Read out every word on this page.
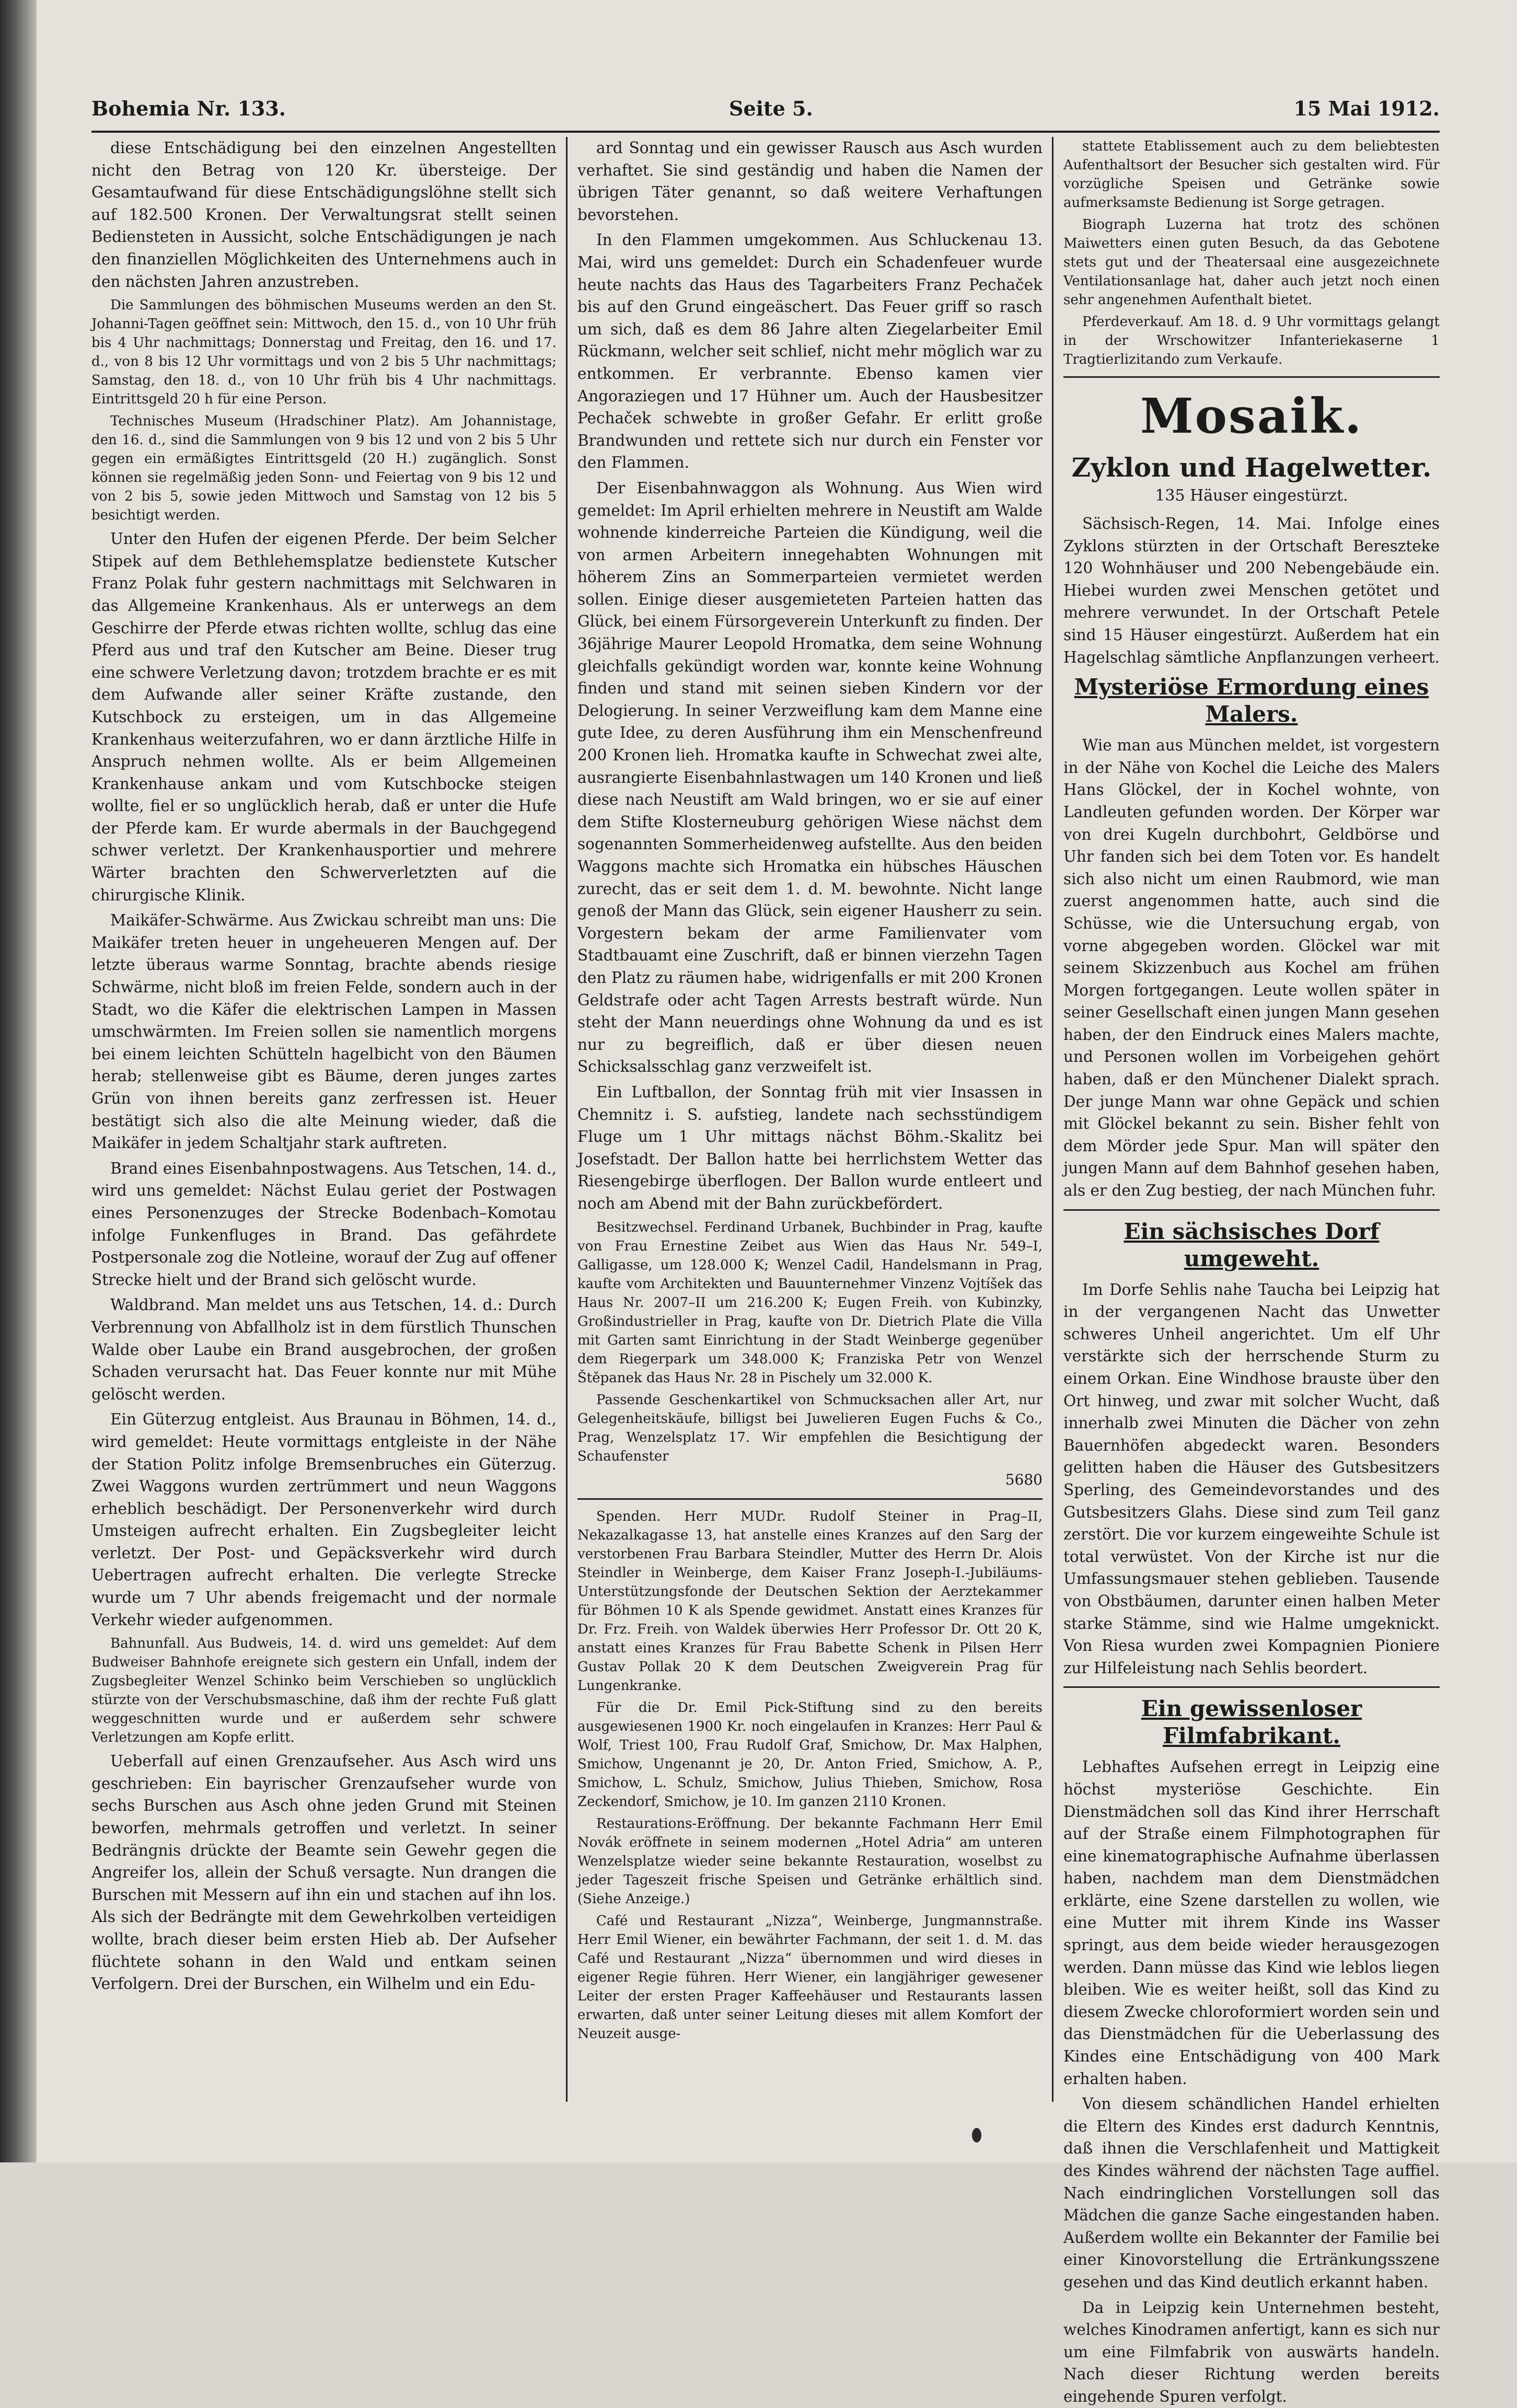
Bohemia Nr. 133.	Seite 5.	15 Mai 1912.

diese Entschädigung bei den einzelnen Angestellten nicht den Betrag von 120 Kr. übersteige. Der Gesamtaufwand für diese Entschädigungslöhne stellt sich auf 182.500 Kronen. Der Verwaltungsrat stellt seinen Bediensteten in Aussicht, solche Entschädigungen je nach den finanziellen Möglichkeiten des Unternehmens auch in den nächsten Jahren anzustreben.

Die Sammlungen des böhmischen Museums werden an den St. Johanni-Tagen geöffnet sein: Mittwoch, den 15. d., von 10 Uhr früh bis 4 Uhr nachmittags; Donnerstag und Freitag, den 16. und 17. d., von 8 bis 12 Uhr vormittags und von 2 bis 5 Uhr nachmittags; Samstag, den 18. d., von 10 Uhr früh bis 4 Uhr nachmittags. Eintrittsgeld 20 h für eine Person.

Technisches Museum (Hradschiner Platz). Am Johannistage, den 16. d., sind die Sammlungen von 9 bis 12 und von 2 bis 5 Uhr gegen ein ermäßigtes Eintrittsgeld (20 H.) zugänglich. Sonst können sie regelmäßig jeden Sonn- und Feiertag von 9 bis 12 und von 2 bis 5, sowie jeden Mittwoch und Samstag von 12 bis 5 besichtigt werden.

Unter den Hufen der eigenen Pferde. Der beim Selcher Stipek auf dem Bethlehemsplatze bedienstete Kutscher Franz Polak fuhr gestern nachmittags mit Selchwaren in das Allgemeine Krankenhaus. Als er unterwegs an dem Geschirre der Pferde etwas richten wollte, schlug das eine Pferd aus und traf den Kutscher am Beine. Dieser trug eine schwere Verletzung davon; trotzdem brachte er es mit dem Aufwande aller seiner Kräfte zustande, den Kutschbock zu ersteigen, um in das Allgemeine Krankenhaus weiterzufahren, wo er dann ärztliche Hilfe in Anspruch nehmen wollte. Als er beim Allgemeinen Krankenhause ankam und vom Kutschbocke steigen wollte, fiel er so unglücklich herab, daß er unter die Hufe der Pferde kam. Er wurde abermals in der Bauchgegend schwer verletzt. Der Krankenhausportier und mehrere Wärter brachten den Schwerverletzten auf die chirurgische Klinik.

Maikäfer-Schwärme. Aus Zwickau schreibt man uns: Die Maikäfer treten heuer in ungeheueren Mengen auf. Der letzte überaus warme Sonntag, brachte abends riesige Schwärme, nicht bloß im freien Felde, sondern auch in der Stadt, wo die Käfer die elektrischen Lampen in Massen umschwärmten. Im Freien sollen sie namentlich morgens bei einem leichten Schütteln hagelbicht von den Bäumen herab; stellenweise gibt es Bäume, deren junges zartes Grün von ihnen bereits ganz zerfressen ist. Heuer bestätigt sich also die alte Meinung wieder, daß die Maikäfer in jedem Schaltjahr stark auftreten.

Brand eines Eisenbahnpostwagens. Aus Tetschen, 14. d., wird uns gemeldet: Nächst Eulau geriet der Postwagen eines Personenzuges der Strecke Bodenbach–Komotau infolge Funkenfluges in Brand. Das gefährdete Postpersonale zog die Notleine, worauf der Zug auf offener Strecke hielt und der Brand sich gelöscht wurde.

Waldbrand. Man meldet uns aus Tetschen, 14. d.: Durch Verbrennung von Abfallholz ist in dem fürstlich Thunschen Walde ober Laube ein Brand ausgebrochen, der großen Schaden verursacht hat. Das Feuer konnte nur mit Mühe gelöscht werden.

Ein Güterzug entgleist. Aus Braunau in Böhmen, 14. d., wird gemeldet: Heute vormittags entgleiste in der Nähe der Station Politz infolge Bremsenbruches ein Güterzug. Zwei Waggons wurden zertrümmert und neun Waggons erheblich beschädigt. Der Personenverkehr wird durch Umsteigen aufrecht erhalten. Ein Zugsbegleiter leicht verletzt. Der Post- und Gepäcksverkehr wird durch Uebertragen aufrecht erhalten. Die verlegte Strecke wurde um 7 Uhr abends freigemacht und der normale Verkehr wieder aufgenommen.

Bahnunfall. Aus Budweis, 14. d. wird uns gemeldet: Auf dem Budweiser Bahnhofe ereignete sich gestern ein Unfall, indem der Zugsbegleiter Wenzel Schinko beim Verschieben so unglücklich stürzte von der Verschubsmaschine, daß ihm der rechte Fuß glatt weggeschnitten wurde und er außerdem sehr schwere Verletzungen am Kopfe erlitt.

Ueberfall auf einen Grenzaufseher. Aus Asch wird uns geschrieben: Ein bayrischer Grenzaufseher wurde von sechs Burschen aus Asch ohne jeden Grund mit Steinen beworfen, mehrmals getroffen und verletzt. In seiner Bedrängnis drückte der Beamte sein Gewehr gegen die Angreifer los, allein der Schuß versagte. Nun drangen die Burschen mit Messern auf ihn ein und stachen auf ihn los. Als sich der Bedrängte mit dem Gewehrkolben verteidigen wollte, brach dieser beim ersten Hieb ab. Der Aufseher flüchtete sohann in den Wald und entkam seinen Verfolgern. Drei der Burschen, ein Wilhelm und ein Edu-

ard Sonntag und ein gewisser Rausch aus Asch wurden verhaftet. Sie sind geständig und haben die Namen der übrigen Täter genannt, so daß weitere Verhaftungen bevorstehen.

In den Flammen umgekommen. Aus Schluckenau 13. Mai, wird uns gemeldet: Durch ein Schadenfeuer wurde heute nachts das Haus des Tagarbeiters Franz Pechaček bis auf den Grund eingeäschert. Das Feuer griff so rasch um sich, daß es dem 86 Jahre alten Ziegelarbeiter Emil Rückmann, welcher seit schlief, nicht mehr möglich war zu entkommen. Er verbrannte. Ebenso kamen vier Angoraziegen und 17 Hühner um. Auch der Hausbesitzer Pechaček schwebte in großer Gefahr. Er erlitt große Brandwunden und rettete sich nur durch ein Fenster vor den Flammen.

Der Eisenbahnwaggon als Wohnung. Aus Wien wird gemeldet: Im April erhielten mehrere in Neustift am Walde wohnende kinderreiche Parteien die Kündigung, weil die von armen Arbeitern innegehabten Wohnungen mit höherem Zins an Sommerparteien vermietet werden sollen. Einige dieser ausgemieteten Parteien hatten das Glück, bei einem Fürsorgeverein Unterkunft zu finden. Der 36jährige Maurer Leopold Hromatka, dem seine Wohnung gleichfalls gekündigt worden war, konnte keine Wohnung finden und stand mit seinen sieben Kindern vor der Delogierung. In seiner Verzweiflung kam dem Manne eine gute Idee, zu deren Ausführung ihm ein Menschenfreund 200 Kronen lieh. Hromatka kaufte in Schwechat zwei alte, ausrangierte Eisenbahnlastwagen um 140 Kronen und ließ diese nach Neustift am Wald bringen, wo er sie auf einer dem Stifte Klosterneuburg gehörigen Wiese nächst dem sogenannten Sommerheidenweg aufstellte. Aus den beiden Waggons machte sich Hromatka ein hübsches Häuschen zurecht, das er seit dem 1. d. M. bewohnte. Nicht lange genoß der Mann das Glück, sein eigener Hausherr zu sein. Vorgestern bekam der arme Familienvater vom Stadtbauamt eine Zuschrift, daß er binnen vierzehn Tagen den Platz zu räumen habe, widrigenfalls er mit 200 Kronen Geldstrafe oder acht Tagen Arrests bestraft würde. Nun steht der Mann neuerdings ohne Wohnung da und es ist nur zu begreiflich, daß er über diesen neuen Schicksalsschlag ganz verzweifelt ist.

Ein Luftballon, der Sonntag früh mit vier Insassen in Chemnitz i. S. aufstieg, landete nach sechsstündigem Fluge um 1 Uhr mittags nächst Böhm.-Skalitz bei Josefstadt. Der Ballon hatte bei herrlichstem Wetter das Riesengebirge überflogen. Der Ballon wurde entleert und noch am Abend mit der Bahn zurückbefördert.

Besitzwechsel. Ferdinand Urbanek, Buchbinder in Prag, kaufte von Frau Ernestine Zeibet aus Wien das Haus Nr. 549–I, Galligasse, um 128.000 K; Wenzel Cadil, Handelsmann in Prag, kaufte vom Architekten und Bauunternehmer Vinzenz Vojtíšek das Haus Nr. 2007–II um 216.200 K; Eugen Freih. von Kubinzky, Großindustrieller in Prag, kaufte von Dr. Dietrich Plate die Villa mit Garten samt Einrichtung in der Stadt Weinberge gegenüber dem Riegerpark um 348.000 K; Franziska Petr von Wenzel Štěpanek das Haus Nr. 28 in Pischely um 32.000 K.

Passende Geschenkartikel von Schmucksachen aller Art, nur Gelegenheitskäufe, billigst bei Juwelieren Eugen Fuchs & Co., Prag, Wenzelsplatz 17. Wir empfehlen die Besichtigung der Schaufenster

5680

Spenden. Herr MUDr. Rudolf Steiner in Prag–II, Nekazalkagasse 13, hat anstelle eines Kranzes auf den Sarg der verstorbenen Frau Barbara Steindler, Mutter des Herrn Dr. Alois Steindler in Weinberge, dem Kaiser Franz Joseph-I.-Jubiläums-Unterstützungsfonde der Deutschen Sektion der Aerztekammer für Böhmen 10 K als Spende gewidmet. Anstatt eines Kranzes für Dr. Frz. Freih. von Waldek überwies Herr Professor Dr. Ott 20 K, anstatt eines Kranzes für Frau Babette Schenk in Pilsen Herr Gustav Pollak 20 K dem Deutschen Zweigverein Prag für Lungenkranke.

Für die Dr. Emil Pick-Stiftung sind zu den bereits ausgewiesenen 1900 Kr. noch eingelaufen in Kranzes: Herr Paul & Wolf, Triest 100, Frau Rudolf Graf, Smichow, Dr. Max Halphen, Smichow, Ungenannt je 20, Dr. Anton Fried, Smichow, A. P., Smichow, L. Schulz, Smichow, Julius Thieben, Smichow, Rosa Zeckendorf, Smichow, je 10. Im ganzen 2110 Kronen.

Restaurations-Eröffnung. Der bekannte Fachmann Herr Emil Novák eröffnete in seinem modernen „Hotel Adria“ am unteren Wenzelsplatze wieder seine bekannte Restauration, woselbst zu jeder Tageszeit frische Speisen und Getränke erhältlich sind. (Siehe Anzeige.)

Café und Restaurant „Nizza“, Weinberge, Jungmannstraße. Herr Emil Wiener, ein bewährter Fachmann, der seit 1. d. M. das Café und Restaurant „Nizza“ übernommen und wird dieses in eigener Regie führen. Herr Wiener, ein langjähriger gewesener Leiter der ersten Prager Kaffeehäuser und Restaurants lassen erwarten, daß unter seiner Leitung dieses mit allem Komfort der Neuzeit ausge-

stattete Etablissement auch zu dem beliebtesten Aufenthaltsort der Besucher sich gestalten wird. Für vorzügliche Speisen und Getränke sowie aufmerksamste Bedienung ist Sorge getragen.

Biograph Luzerna hat trotz des schönen Maiwetters einen guten Besuch, da das Gebotene stets gut und der Theatersaal eine ausgezeichnete Ventilationsanlage hat, daher auch jetzt noch einen sehr angenehmen Aufenthalt bietet.

Pferdeverkauf. Am 18. d. 9 Uhr vormittags gelangt in der Wrschowitzer Infanteriekaserne 1 Tragtierlizitando zum Verkaufe.

Mosaik.
Zyklon und Hagelwetter.
135 Häuser eingestürzt.

Sächsisch-Regen, 14. Mai. Infolge eines Zyklons stürzten in der Ortschaft Bereszteke 120 Wohnhäuser und 200 Nebengebäude ein. Hiebei wurden zwei Menschen getötet und mehrere verwundet. In der Ortschaft Petele sind 15 Häuser eingestürzt. Außerdem hat ein Hagelschlag sämtliche Anpflanzungen verheert.

Mysteriöse Ermordung eines Malers.

Wie man aus München meldet, ist vorgestern in der Nähe von Kochel die Leiche des Malers Hans Glöckel, der in Kochel wohnte, von Landleuten gefunden worden. Der Körper war von drei Kugeln durchbohrt, Geldbörse und Uhr fanden sich bei dem Toten vor. Es handelt sich also nicht um einen Raubmord, wie man zuerst angenommen hatte, auch sind die Schüsse, wie die Untersuchung ergab, von vorne abgegeben worden. Glöckel war mit seinem Skizzenbuch aus Kochel am frühen Morgen fortgegangen. Leute wollen später in seiner Gesellschaft einen jungen Mann gesehen haben, der den Eindruck eines Malers machte, und Personen wollen im Vorbeigehen gehört haben, daß er den Münchener Dialekt sprach. Der junge Mann war ohne Gepäck und schien mit Glöckel bekannt zu sein. Bisher fehlt von dem Mörder jede Spur. Man will später den jungen Mann auf dem Bahnhof gesehen haben, als er den Zug bestieg, der nach München fuhr.

Ein sächsisches Dorf umgeweht.

Im Dorfe Sehlis nahe Taucha bei Leipzig hat in der vergangenen Nacht das Unwetter schweres Unheil angerichtet. Um elf Uhr verstärkte sich der herrschende Sturm zu einem Orkan. Eine Windhose brauste über den Ort hinweg, und zwar mit solcher Wucht, daß innerhalb zwei Minuten die Dächer von zehn Bauernhöfen abgedeckt waren. Besonders gelitten haben die Häuser des Gutsbesitzers Sperling, des Gemeindevorstandes und des Gutsbesitzers Glahs. Diese sind zum Teil ganz zerstört. Die vor kurzem eingeweihte Schule ist total verwüstet. Von der Kirche ist nur die Umfassungsmauer stehen geblieben. Tausende von Obstbäumen, darunter einen halben Meter starke Stämme, sind wie Halme umgeknickt. Von Riesa wurden zwei Kompagnien Pioniere zur Hilfeleistung nach Sehlis beordert.

Ein gewissenloser Filmfabrikant.

Lebhaftes Aufsehen erregt in Leipzig eine höchst mysteriöse Geschichte. Ein Dienstmädchen soll das Kind ihrer Herrschaft auf der Straße einem Filmphotographen für eine kinematographische Aufnahme überlassen haben, nachdem man dem Dienstmädchen erklärte, eine Szene darstellen zu wollen, wie eine Mutter mit ihrem Kinde ins Wasser springt, aus dem beide wieder herausgezogen werden. Dann müsse das Kind wie leblos liegen bleiben. Wie es weiter heißt, soll das Kind zu diesem Zwecke chloroformiert worden sein und das Dienstmädchen für die Ueberlassung des Kindes eine Entschädigung von 400 Mark erhalten haben.

Von diesem schändlichen Handel erhielten die Eltern des Kindes erst dadurch Kenntnis, daß ihnen die Verschlafenheit und Mattigkeit des Kindes während der nächsten Tage auffiel. Nach eindringlichen Vorstellungen soll das Mädchen die ganze Sache eingestanden haben. Außerdem wollte ein Bekannter der Familie bei einer Kinovorstellung die Ertränkungsszene gesehen und das Kind deutlich erkannt haben.

Da in Leipzig kein Unternehmen besteht, welches Kinodramen anfertigt, kann es sich nur um eine Filmfabrik von auswärts handeln. Nach dieser Richtung werden bereits eingehende Spuren verfolgt.
